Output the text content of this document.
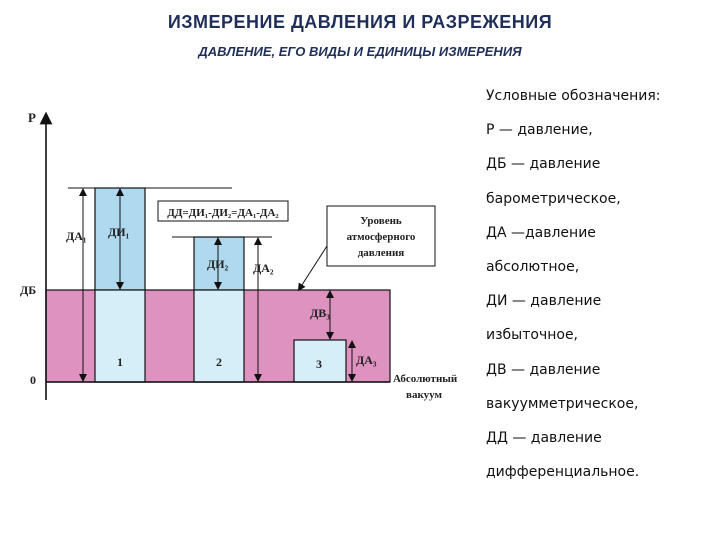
ИЗМЕРЕНИЕ ДАВЛЕНИЯ И РАЗРЕЖЕНИЯ
ДАВЛЕНИЕ, ЕГО ВИДЫ И ЕДИНИЦЫ ИЗМЕРЕНИЯ
ДД=ДИ₁-ДИ₂=ДА₁-ДА₂
Уровень
атмосферного
давления
Р
ДБ
0
ДА₁ ДИ₁
ДИ₂ ДА₂
ДВ₃
ДА₃
1	2	3
Абсолютный
вакуум
Условные обозначения:
Р — давление,
ДБ — давление
барометрическое,
ДА —давление
абсолютное,
ДИ — давление
избыточное,
ДВ — давление
вакуумметрическое,
ДД — давление
дифференциальное.
